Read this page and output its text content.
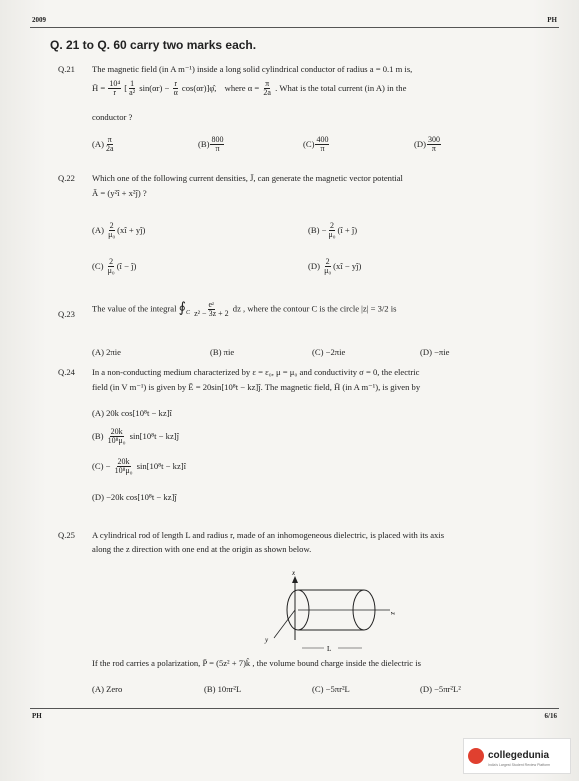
2009	PH
Q. 21 to Q. 60 carry two marks each.
Q.21 The magnetic field (in A m⁻¹) inside a long solid cylindrical conductor of radius a = 0.1 m is,
H̄ = $\frac{\text{10⁴}}{r}$ [ $\frac{1}{\text{a²}} \sin(\alpha r) - \frac{r}{\alpha}$ cos(αr)]φ̂, where $\alpha = \frac{\pi}{2a}$ . What is the total current (in A) in the
conductor ?
$(A) \frac{\pi}{2a}$	$(B) \frac{800}{\pi}$	$(C) \frac{400}{\pi}$	$(D) \frac{300}{\pi}$
Q.22 Which one of the following current densities, J̄, can generate the magnetic vector potential
Ā = (y²î + x²ĵ) ?
$(A) \frac{2}{\text{μ₀}}$ (xî + yĵ)	$(B) - \frac{2}{\text{μ₀}}$ (î + ĵ)
$(C) \frac{2}{\text{μ₀}}$ (î − ĵ)	$(D) \frac{2}{\text{μ₀}}$ (xî − yĵ)
Q.23
The value of the integral $∮_C \frac{\text{eᶻ}}{\text{z² − 3z + 2}}$ dz , where the contour C is the circle |z| = 3/2 is
(A) 2πie	(B) πie	(C) −2πie	(D) −πie
Q.24 In a non-conducting medium characterized by ε = ε₀, μ = μ₀ and conductivity σ = 0, the electric
field (in V m⁻¹) is given by Ē = 20sin[10⁸t − kz]ĵ. The magnetic field, H̄ (in A m⁻¹), is given by
(A) 20k cos[10⁸t − kz]î
$(B) \frac{20k}{\text{10⁸μ₀}} \sin[10^8t$ − kz]ĵ
$(C) - \frac{20k}{\text{10⁸μ₀}} \sin[10^8t$ − kz]î
(D) −20k cos[10⁸t − kz]ĵ
Q.25 A cylindrical rod of length L and radius r, made of an inhomogeneous dielectric, is placed with its axis
along the z direction with one end at the origin as shown below.
x
y
z
L
If the rod carries a polarization, P̄ = (5z² + 7)k̂ , the volume bound charge inside the dielectric is
(A) Zero	(B) 10πr²L	(C) −5πr²L	(D) −5πr²L²
PH	6/16
collegedunia
India's Largest Student Review Platform
